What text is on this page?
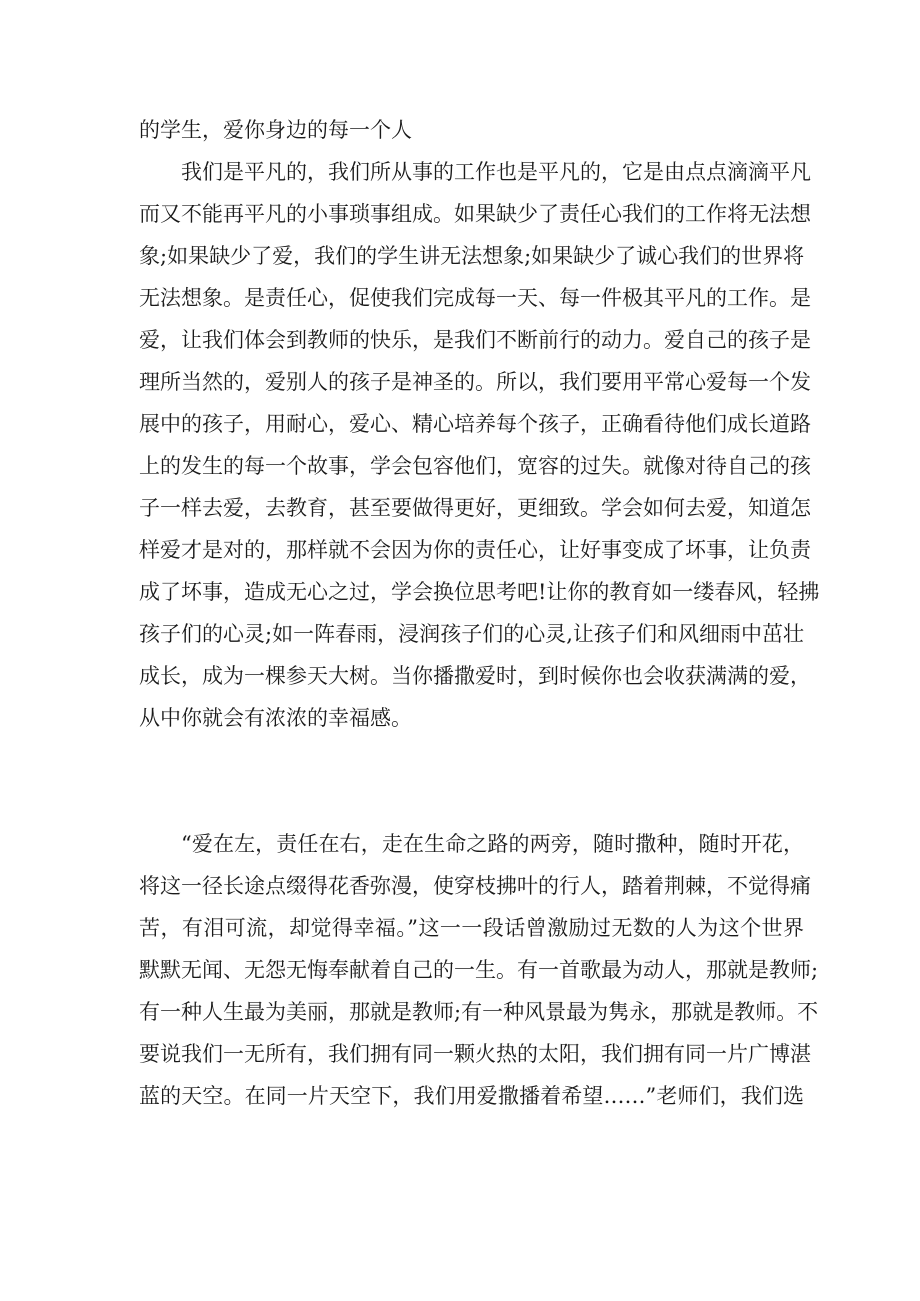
的学生，爱你身边的每一个人
我们是平凡的，我们所从事的工作也是平凡的，它是由点点滴滴平凡
而又不能再平凡的小事琐事组成。如果缺少了责任心我们的工作将无法想
象;如果缺少了爱，我们的学生讲无法想象;如果缺少了诚心我们的世界将
无法想象。是责任心，促使我们完成每一天、每一件极其平凡的工作。是
爱，让我们体会到教师的快乐，是我们不断前行的动力。爱自己的孩子是
理所当然的，爱别人的孩子是神圣的。所以，我们要用平常心爱每一个发
展中的孩子，用耐心，爱心、精心培养每个孩子，正确看待他们成长道路
上的发生的每一个故事，学会包容他们，宽容的过失。就像对待自己的孩
子一样去爱，去教育，甚至要做得更好，更细致。学会如何去爱，知道怎
样爱才是对的，那样就不会因为你的责任心，让好事变成了坏事，让负责
成了坏事，造成无心之过，学会换位思考吧!让你的教育如一缕春风，轻拂
孩子们的心灵;如一阵春雨，浸润孩子们的心灵,让孩子们和风细雨中茁壮
成长，成为一棵参天大树。当你播撒爱时，到时候你也会收获满满的爱，
从中你就会有浓浓的幸福感。
“爱在左，责任在右，走在生命之路的两旁，随时撒种，随时开花，
将这一径长途点缀得花香弥漫，使穿枝拂叶的行人，踏着荆棘，不觉得痛
苦，有泪可流，却觉得幸福。”这一一段话曾激励过无数的人为这个世界
默默无闻、无怨无悔奉献着自己的一生。有一首歌最为动人，那就是教师;
有一种人生最为美丽，那就是教师;有一种风景最为隽永，那就是教师。不
要说我们一无所有，我们拥有同一颗火热的太阳，我们拥有同一片广博湛
蓝的天空。在同一片天空下，我们用爱撒播着希望……”老师们，我们选
